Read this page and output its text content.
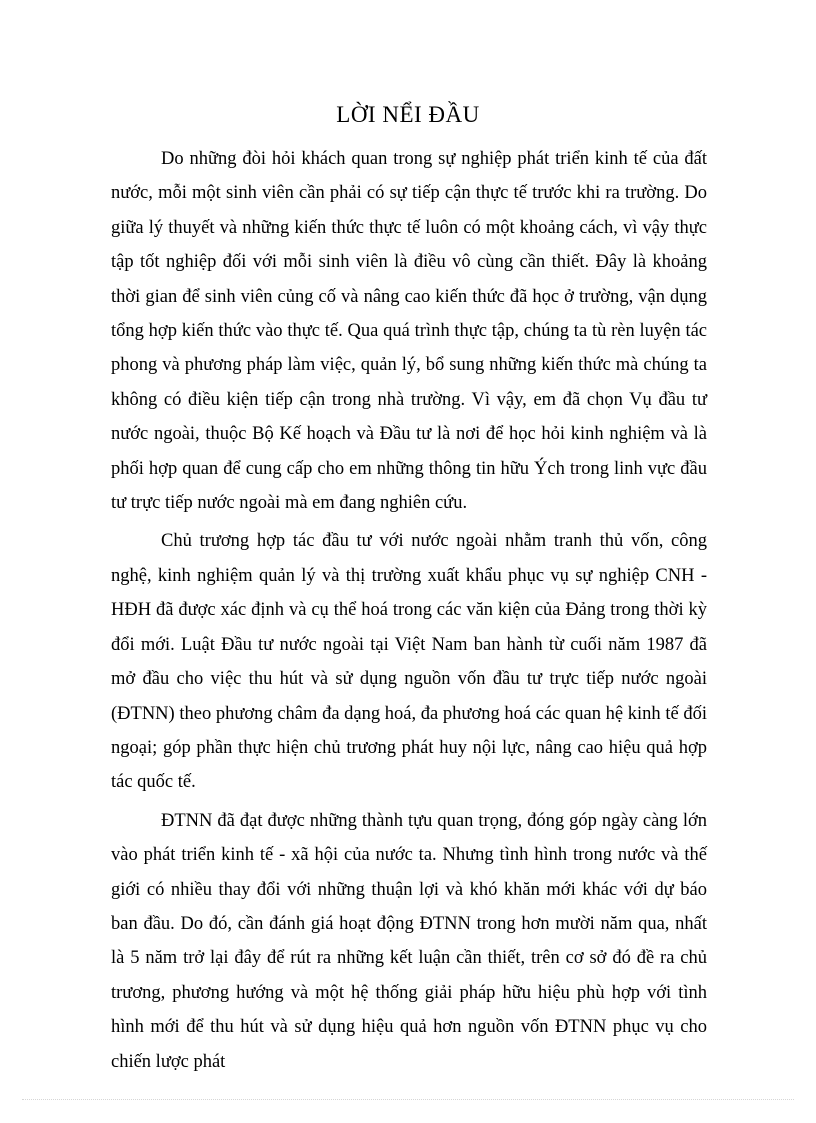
LỜI NỂI ĐẦU

Do những đòi hỏi khách quan trong sự nghiệp phát triển kinh tế của đất nước, mỗi một sinh viên cần phải có sự tiếp cận thực tế trước khi ra trường. Do giữa lý thuyết và những kiến thức thực tế luôn có một khoảng cách, vì vậy thực tập tốt nghiệp đối với mỗi sinh viên là điều vô cùng cần thiết. Đây là khoảng thời gian để sinh viên củng cố và nâng cao kiến thức đã học ở trường, vận dụng tổng hợp kiến thức vào thực tế. Qua quá trình thực tập, chúng ta tù rèn luyện tác phong và phương pháp làm việc, quản lý, bổ sung những kiến thức mà chúng ta không có điều kiện tiếp cận trong nhà trường. Vì vậy, em đã chọn Vụ đầu tư nước ngoài, thuộc Bộ Kế hoạch và Đầu tư là nơi để học hỏi kinh nghiệm và là phối hợp quan để cung cấp cho em những thông tin hữu Ých trong linh vực đầu tư trực tiếp nước ngoài mà em đang nghiên cứu.

Chủ trương hợp tác đầu tư với nước ngoài nhằm tranh thủ vốn, công nghệ, kinh nghiệm quản lý và thị trường xuất khẩu phục vụ sự nghiệp CNH - HĐH đã được xác định và cụ thể hoá trong các văn kiện của Đảng trong thời kỳ đổi mới. Luật Đầu tư nước ngoài tại Việt Nam ban hành từ cuối năm 1987 đã mở đầu cho việc thu hút và sử dụng nguồn vốn đầu tư trực tiếp nước ngoài (ĐTNN) theo phương châm đa dạng hoá, đa phương hoá các quan hệ kinh tế đối ngoại; góp phần thực hiện chủ trương phát huy nội lực, nâng cao hiệu quả hợp tác quốc tế.

ĐTNN đã đạt được những thành tựu quan trọng, đóng góp ngày càng lớn vào phát triển kinh tế - xã hội của nước ta. Nhưng tình hình trong nước và thế giới có nhiều thay đổi với những thuận lợi và khó khăn mới khác với dự báo ban đầu. Do đó, cần đánh giá hoạt động ĐTNN trong hơn mười năm qua, nhất là 5 năm trở lại đây để rút ra những kết luận cần thiết, trên cơ sở đó đề ra chủ trương, phương hướng và một hệ thống giải pháp hữu hiệu phù hợp với tình hình mới để thu hút và sử dụng hiệu quả hơn nguồn vốn ĐTNN phục vụ cho chiến lược phát
